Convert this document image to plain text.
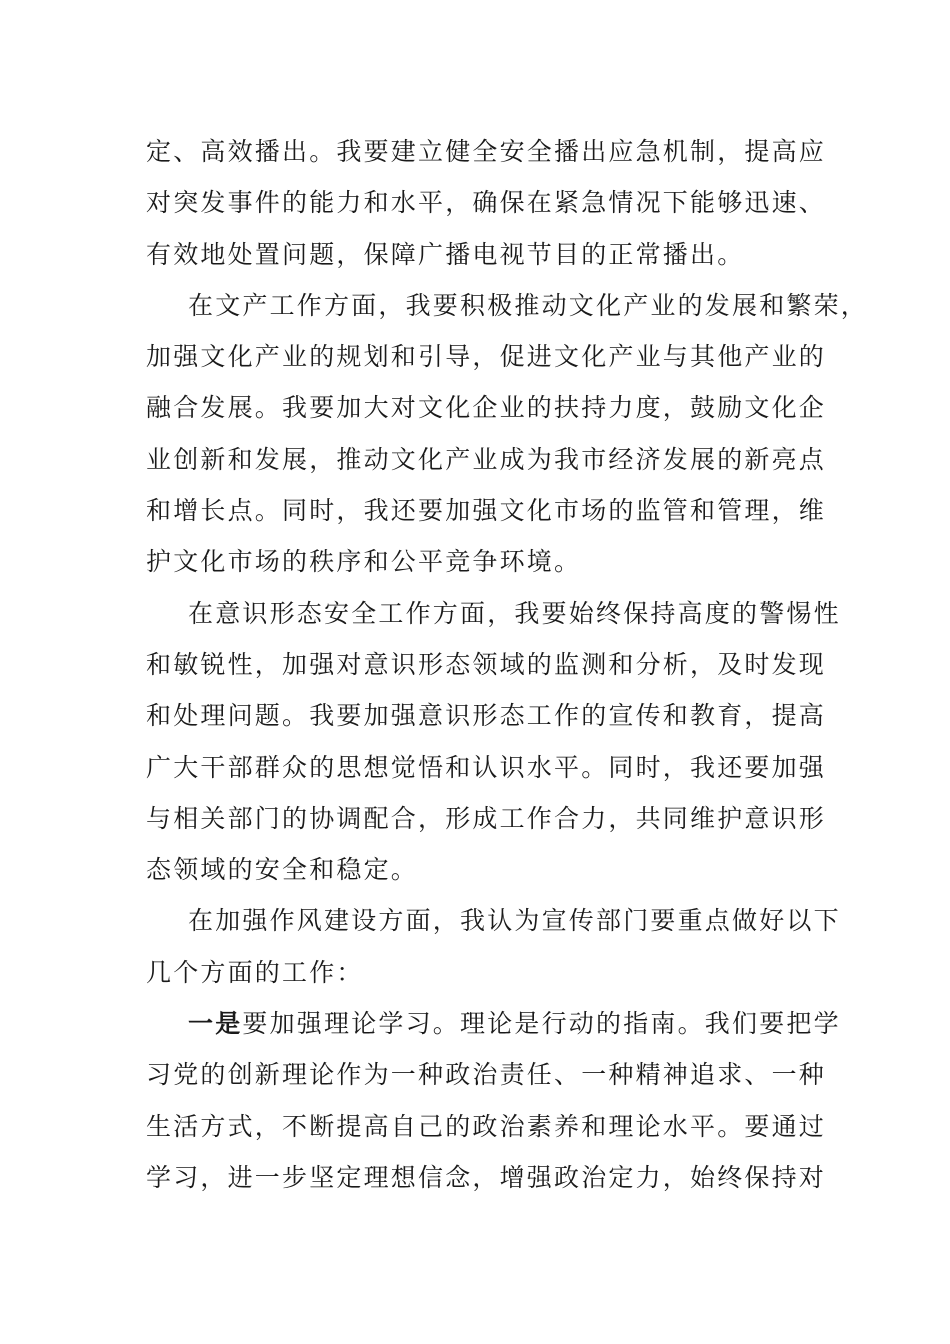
定、高效播出。我要建立健全安全播出应急机制，提高应
对突发事件的能力和水平，确保在紧急情况下能够迅速、
有效地处置问题，保障广播电视节目的正常播出。
在文产工作方面，我要积极推动文化产业的发展和繁荣，
加强文化产业的规划和引导，促进文化产业与其他产业的
融合发展。我要加大对文化企业的扶持力度，鼓励文化企
业创新和发展，推动文化产业成为我市经济发展的新亮点
和增长点。同时，我还要加强文化市场的监管和管理，维
护文化市场的秩序和公平竞争环境。
在意识形态安全工作方面，我要始终保持高度的警惕性
和敏锐性，加强对意识形态领域的监测和分析，及时发现
和处理问题。我要加强意识形态工作的宣传和教育，提高
广大干部群众的思想觉悟和认识水平。同时，我还要加强
与相关部门的协调配合，形成工作合力，共同维护意识形
态领域的安全和稳定。
在加强作风建设方面，我认为宣传部门要重点做好以下
几个方面的工作：
一是要加强理论学习。理论是行动的指南。我们要把学
习党的创新理论作为一种政治责任、一种精神追求、一种
生活方式，不断提高自己的政治素养和理论水平。要通过
学习，进一步坚定理想信念，增强政治定力，始终保持对
